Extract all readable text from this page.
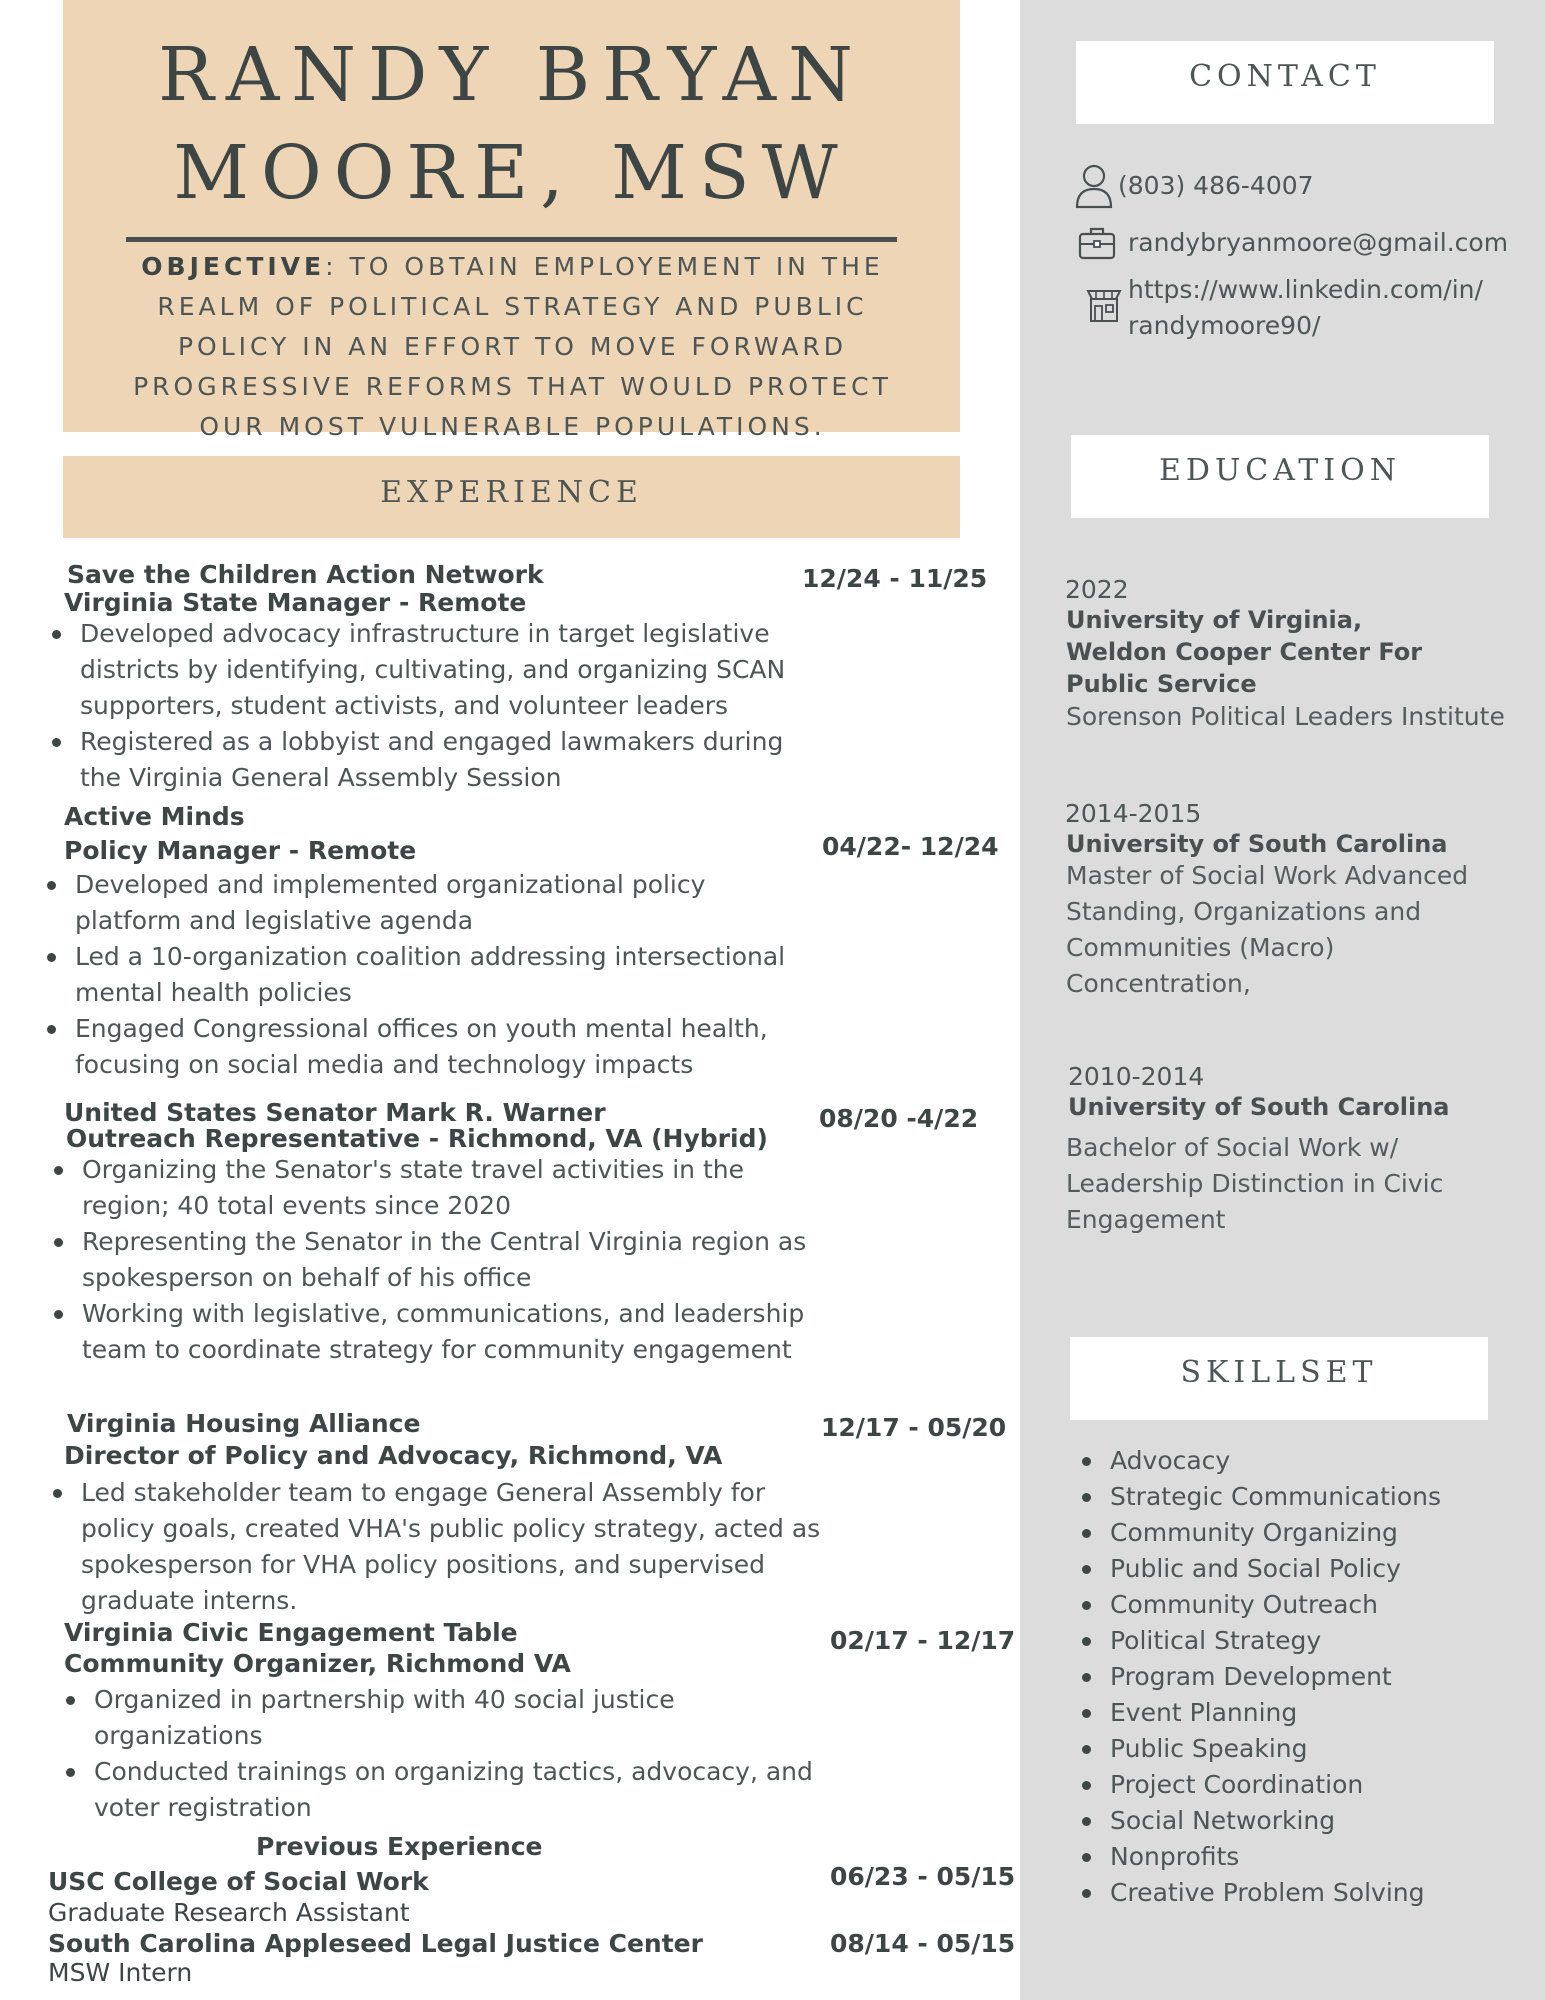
RANDY BRYAN
MOORE, MSW
OBJECTIVE: TO OBTAIN EMPLOYEMENT IN THE REALM OF POLITICAL STRATEGY AND PUBLIC POLICY IN AN EFFORT TO MOVE FORWARD PROGRESSIVE REFORMS THAT WOULD PROTECT OUR MOST VULNERABLE POPULATIONS.
EXPERIENCE
Save the Children Action Network
Virginia State Manager - Remote
12/24 - 11/25
Developed advocacy infrastructure in target legislative districts by identifying, cultivating, and organizing SCAN supporters, student activists, and volunteer leaders
Registered as a lobbyist and engaged lawmakers during the Virginia General Assembly Session
Active Minds
Policy Manager - Remote	04/22- 12/24
Developed and implemented organizational policy platform and legislative agenda
Led a 10-organization coalition addressing intersectional mental health policies
Engaged Congressional offices on youth mental health, focusing on social media and technology impacts
United States Senator Mark R. Warner
Outreach Representative - Richmond, VA (Hybrid)
08/20 -4/22
Organizing the Senator's state travel activities in the region; 40 total events since 2020
Representing the Senator in the Central Virginia region as spokesperson on behalf of his office
Working with legislative, communications, and leadership team to coordinate strategy for community engagement
Virginia Housing Alliance
Director of Policy and Advocacy, Richmond, VA
12/17 - 05/20
Led stakeholder team to engage General Assembly for policy goals, created VHA's public policy strategy, acted as spokesperson for VHA policy positions, and supervised graduate interns.
Virginia Civic Engagement Table
Community Organizer, Richmond VA
02/17 - 12/17
Organized in partnership with 40 social justice organizations
Conducted trainings on organizing tactics, advocacy, and voter registration
Previous Experience
USC College of Social Work	06/23 - 05/15
Graduate Research Assistant
South Carolina Appleseed Legal Justice Center	08/14 - 05/15
MSW Intern
CONTACT
(803) 486-4007
randybryanmoore@gmail.com
https://www.linkedin.com/in/
randymoore90/
EDUCATION
2022
University of Virginia, Weldon Cooper Center For Public Service
Sorenson Political Leaders Institute
2014-2015
University of South Carolina
Master of Social Work Advanced Standing, Organizations and Communities (Macro) Concentration,
2010-2014
University of South Carolina
Bachelor of Social Work w/ Leadership Distinction in Civic Engagement
SKILLSET
Advocacy
Strategic Communications
Community Organizing
Public and Social Policy
Community Outreach
Political Strategy
Program Development
Event Planning
Public Speaking
Project Coordination
Social Networking
Nonprofits
Creative Problem Solving
